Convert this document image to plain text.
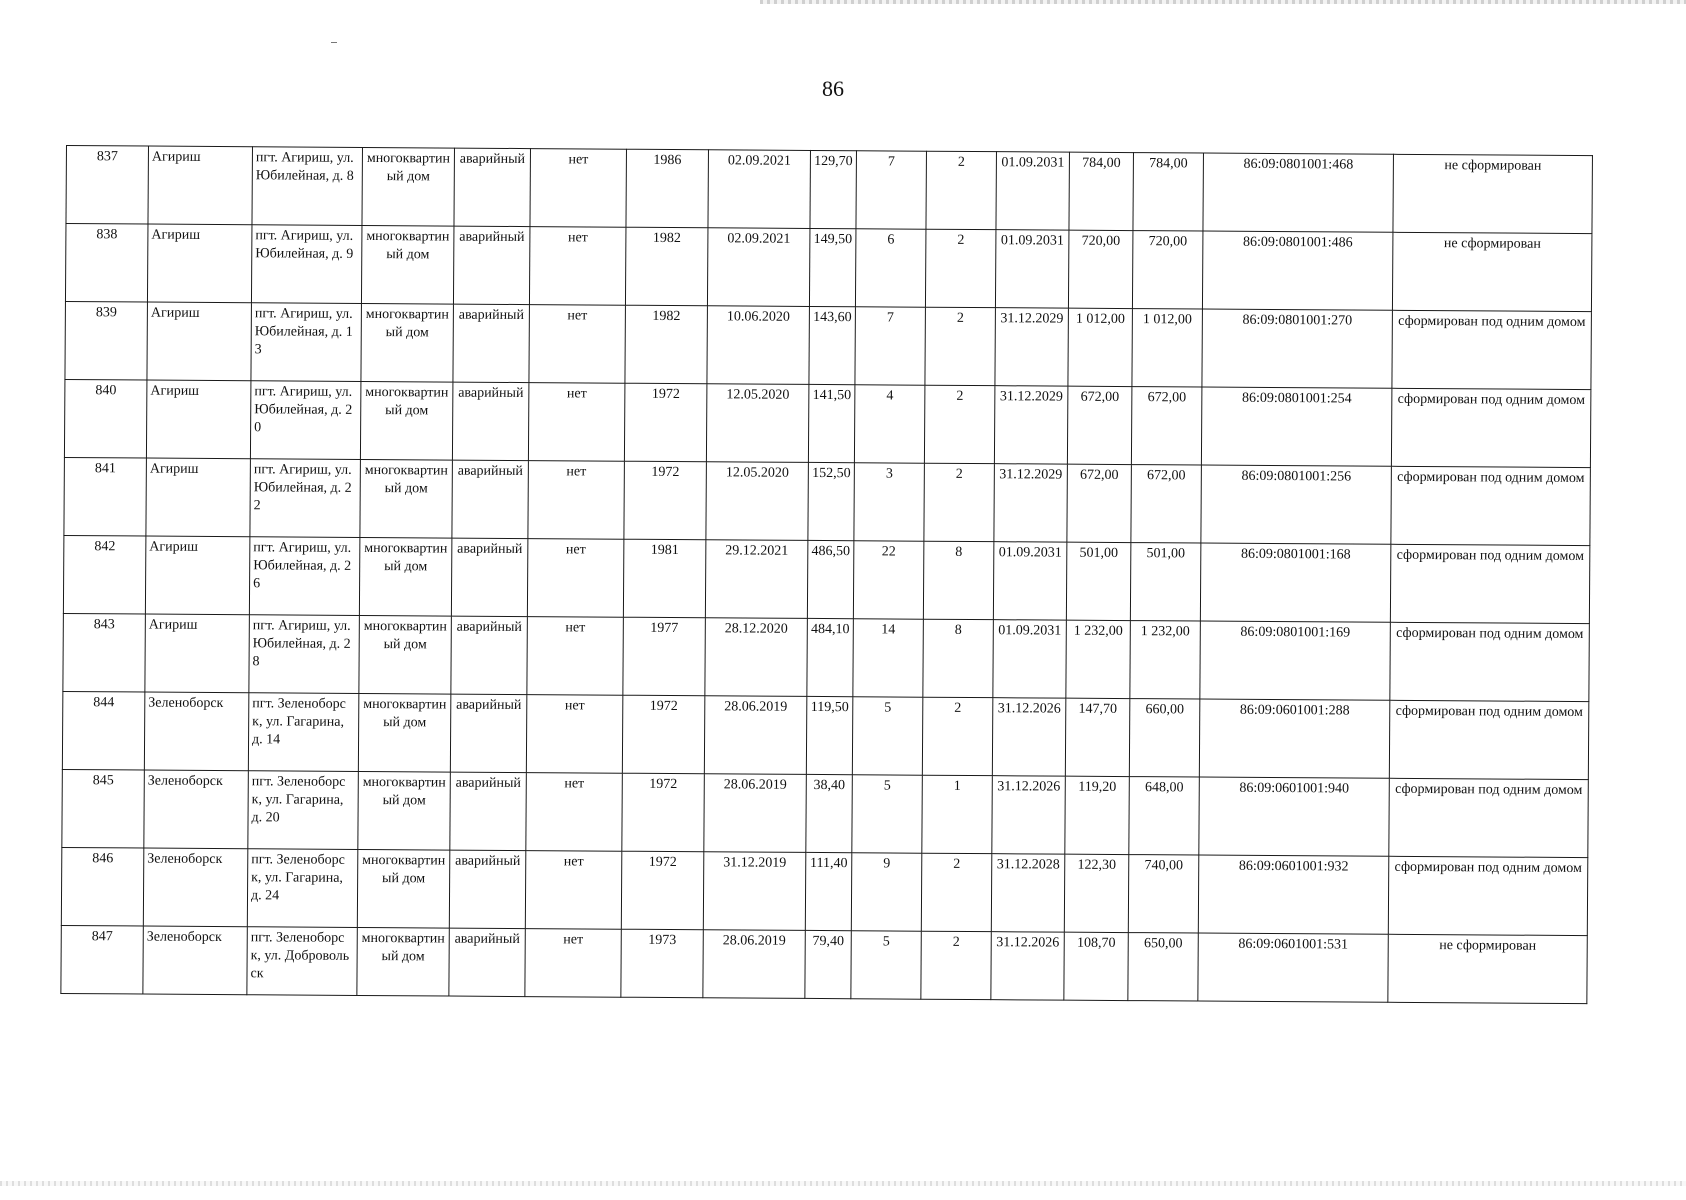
86
837	Агириш	пгт. Агириш, ул. Юбилейная, д. 8	многоквартиный дом	аварийный	нет	1986	02.09.2021	129,70	7	2	01.09.2031	784,00	784,00	86:09:0801001:468	не сформирован
838	Агириш	пгт. Агириш, ул. Юбилейная, д. 9	многоквартиный дом	аварийный	нет	1982	02.09.2021	149,50	6	2	01.09.2031	720,00	720,00	86:09:0801001:486	не сформирован
839	Агириш	пгт. Агириш, ул. Юбилейная, д. 13	многоквартиный дом	аварийный	нет	1982	10.06.2020	143,60	7	2	31.12.2029	1 012,00	1 012,00	86:09:0801001:270	сформирован под одним домом
840	Агириш	пгт. Агириш, ул. Юбилейная, д. 20	многоквартиный дом	аварийный	нет	1972	12.05.2020	141,50	4	2	31.12.2029	672,00	672,00	86:09:0801001:254	сформирован под одним домом
841	Агириш	пгт. Агириш, ул. Юбилейная, д. 22	многоквартиный дом	аварийный	нет	1972	12.05.2020	152,50	3	2	31.12.2029	672,00	672,00	86:09:0801001:256	сформирован под одним домом
842	Агириш	пгт. Агириш, ул. Юбилейная, д. 26	многоквартиный дом	аварийный	нет	1981	29.12.2021	486,50	22	8	01.09.2031	501,00	501,00	86:09:0801001:168	сформирован под одним домом
843	Агириш	пгт. Агириш, ул. Юбилейная, д. 28	многоквартиный дом	аварийный	нет	1977	28.12.2020	484,10	14	8	01.09.2031	1 232,00	1 232,00	86:09:0801001:169	сформирован под одним домом
844	Зеленоборск	пгт. Зеленоборск, ул. Гагарина, д. 14	многоквартиный дом	аварийный	нет	1972	28.06.2019	119,50	5	2	31.12.2026	147,70	660,00	86:09:0601001:288	сформирован под одним домом
845	Зеленоборск	пгт. Зеленоборск, ул. Гагарина, д. 20	многоквартиный дом	аварийный	нет	1972	28.06.2019	38,40	5	1	31.12.2026	119,20	648,00	86:09:0601001:940	сформирован под одним домом
846	Зеленоборск	пгт. Зеленоборск, ул. Гагарина, д. 24	многоквартиный дом	аварийный	нет	1972	31.12.2019	111,40	9	2	31.12.2028	122,30	740,00	86:09:0601001:932	сформирован под одним домом
847	Зеленоборск	пгт. Зеленоборск, ул. Добровольск	многоквартиный дом	аварийный	нет	1973	28.06.2019	79,40	5	2	31.12.2026	108,70	650,00	86:09:0601001:531	не сформирован
